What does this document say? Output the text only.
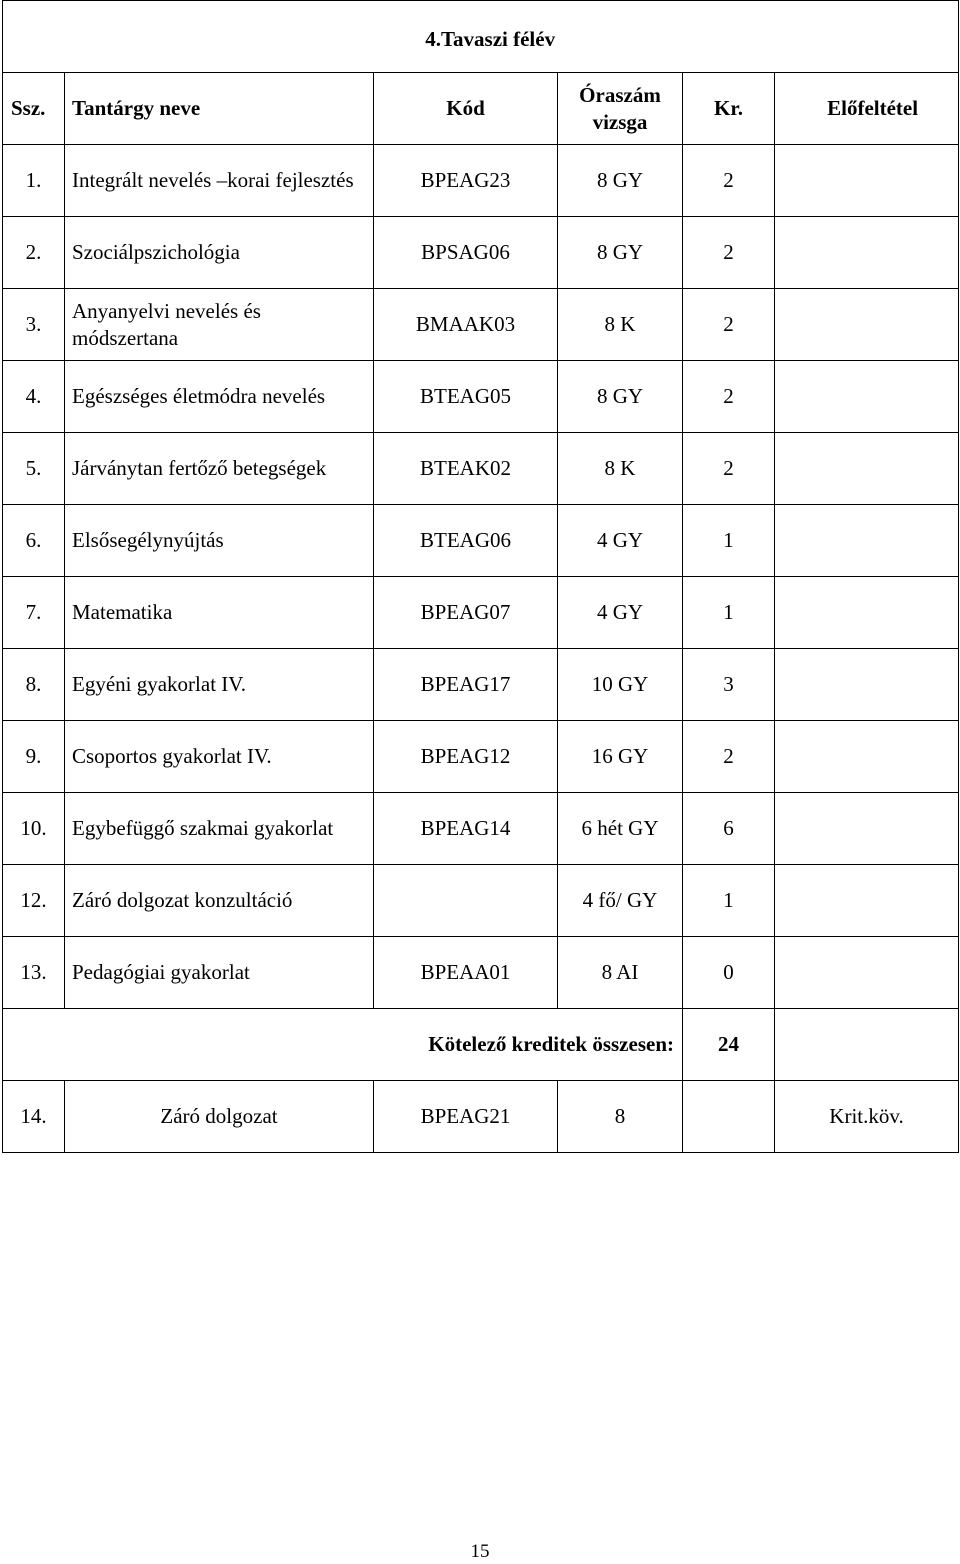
4.Tavaszi félév					
Ssz.	Tantárgy neve	Kód	Óraszám vizsga	Kr.	Előfeltétel
1.	Integrált nevelés –korai fejlesztés	BPEAG23	8 GY	2	
2.	Szociálpszichológia	BPSAG06	8 GY	2	
3.	Anyanyelvi nevelés és módszertana	BMAAK03	8 K	2	
4.	Egészséges életmódra nevelés	BTEAG05	8 GY	2	
5.	Járványtan fertőző betegségek	BTEAK02	8 K	2	
6.	Elsősegélynyújtás	BTEAG06	4 GY	1	
7.	Matematika	BPEAG07	4 GY	1	
8.	Egyéni gyakorlat IV.	BPEAG17	10 GY	3	
9.	Csoportos gyakorlat IV.	BPEAG12	16 GY	2	
10.	Egybefüggő szakmai gyakorlat	BPEAG14	6 hét GY	6	
12.	Záró dolgozat konzultáció		4 fő/ GY	1	
13.	Pedagógiai gyakorlat	BPEAA01	8 AI	0	
Kötelező kreditek összesen:				24	
14.	Záró dolgozat	BPEAG21	8		Krit.köv.
15
